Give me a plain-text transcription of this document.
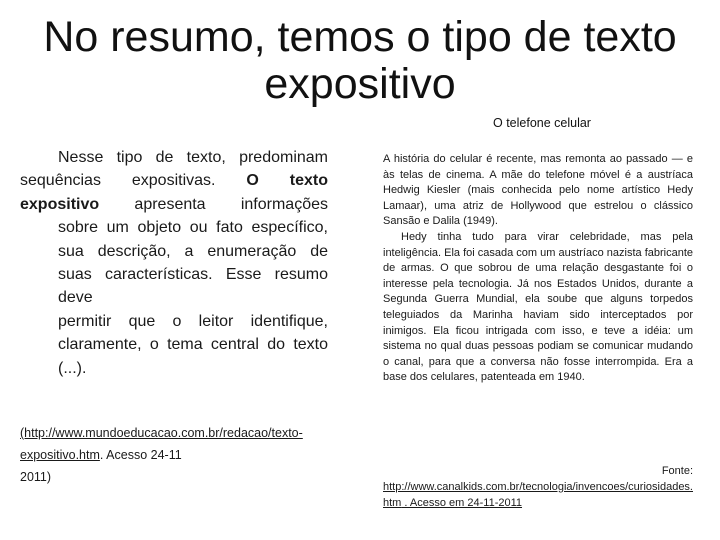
No resumo, temos o tipo de texto
expositivo
O telefone celular

Nesse tipo de texto, predominam sequências expositivas. O texto expositivo apresenta informações

sobre um objeto ou fato específico, sua descrição, a enumeração de suas características. Esse resumo deve

permitir que o leitor identifique, claramente, o tema central do texto (...).

(http://www.mundoeducacao.com.br/redacao/texto-expositivo.htm. Acesso 24-11
2011)

A história do celular é recente, mas remonta ao passado — e às telas de cinema. A mãe do telefone móvel é a austríaca Hedwig Kiesler (mais conhecida pelo nome artístico Hedy Lamaar), uma atriz de Hollywood que estrelou o clássico Sansão e Dalila (1949).

Hedy tinha tudo para virar celebridade, mas pela inteligência. Ela foi casada com um austríaco nazista fabricante de armas. O que sobrou de uma relação desgastante foi o interesse pela tecnologia. Já nos Estados Unidos, durante a Segunda Guerra Mundial, ela soube que alguns torpedos teleguiados da Marinha haviam sido interceptados por inimigos. Ela ficou intrigada com isso, e teve a idéia: um sistema no qual duas pessoas podiam se comunicar mudando o canal, para que a conversa não fosse interrompida. Era a base dos celulares, patenteada em 1940.

Fonte:
http://www.canalkids.com.br/tecnologia/invencoes/curiosidades.htm . Acesso em 24-11-2011
